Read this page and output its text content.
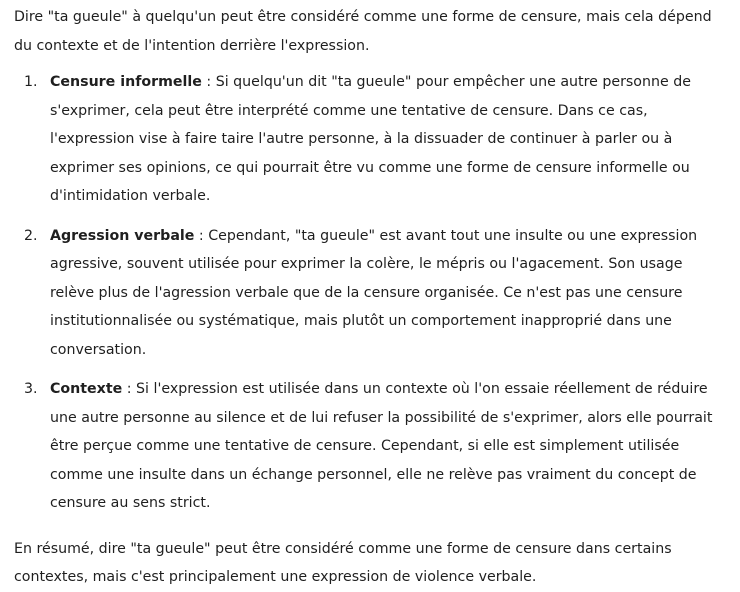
Dire "ta gueule" à quelqu'un peut être considéré comme une forme de censure, mais cela dépend du contexte et de l'intention derrière l'expression.

1. Censure informelle : Si quelqu'un dit "ta gueule" pour empêcher une autre personne de s'exprimer, cela peut être interprété comme une tentative de censure. Dans ce cas, l'expression vise à faire taire l'autre personne, à la dissuader de continuer à parler ou à exprimer ses opinions, ce qui pourrait être vu comme une forme de censure informelle ou d'intimidation verbale.
2. Agression verbale : Cependant, "ta gueule" est avant tout une insulte ou une expression agressive, souvent utilisée pour exprimer la colère, le mépris ou l'agacement. Son usage relève plus de l'agression verbale que de la censure organisée. Ce n'est pas une censure institutionnalisée ou systématique, mais plutôt un comportement inapproprié dans une conversation.
3. Contexte : Si l'expression est utilisée dans un contexte où l'on essaie réellement de réduire une autre personne au silence et de lui refuser la possibilité de s'exprimer, alors elle pourrait être perçue comme une tentative de censure. Cependant, si elle est simplement utilisée comme une insulte dans un échange personnel, elle ne relève pas vraiment du concept de censure au sens strict.

En résumé, dire "ta gueule" peut être considéré comme une forme de censure dans certains contextes, mais c'est principalement une expression de violence verbale.
